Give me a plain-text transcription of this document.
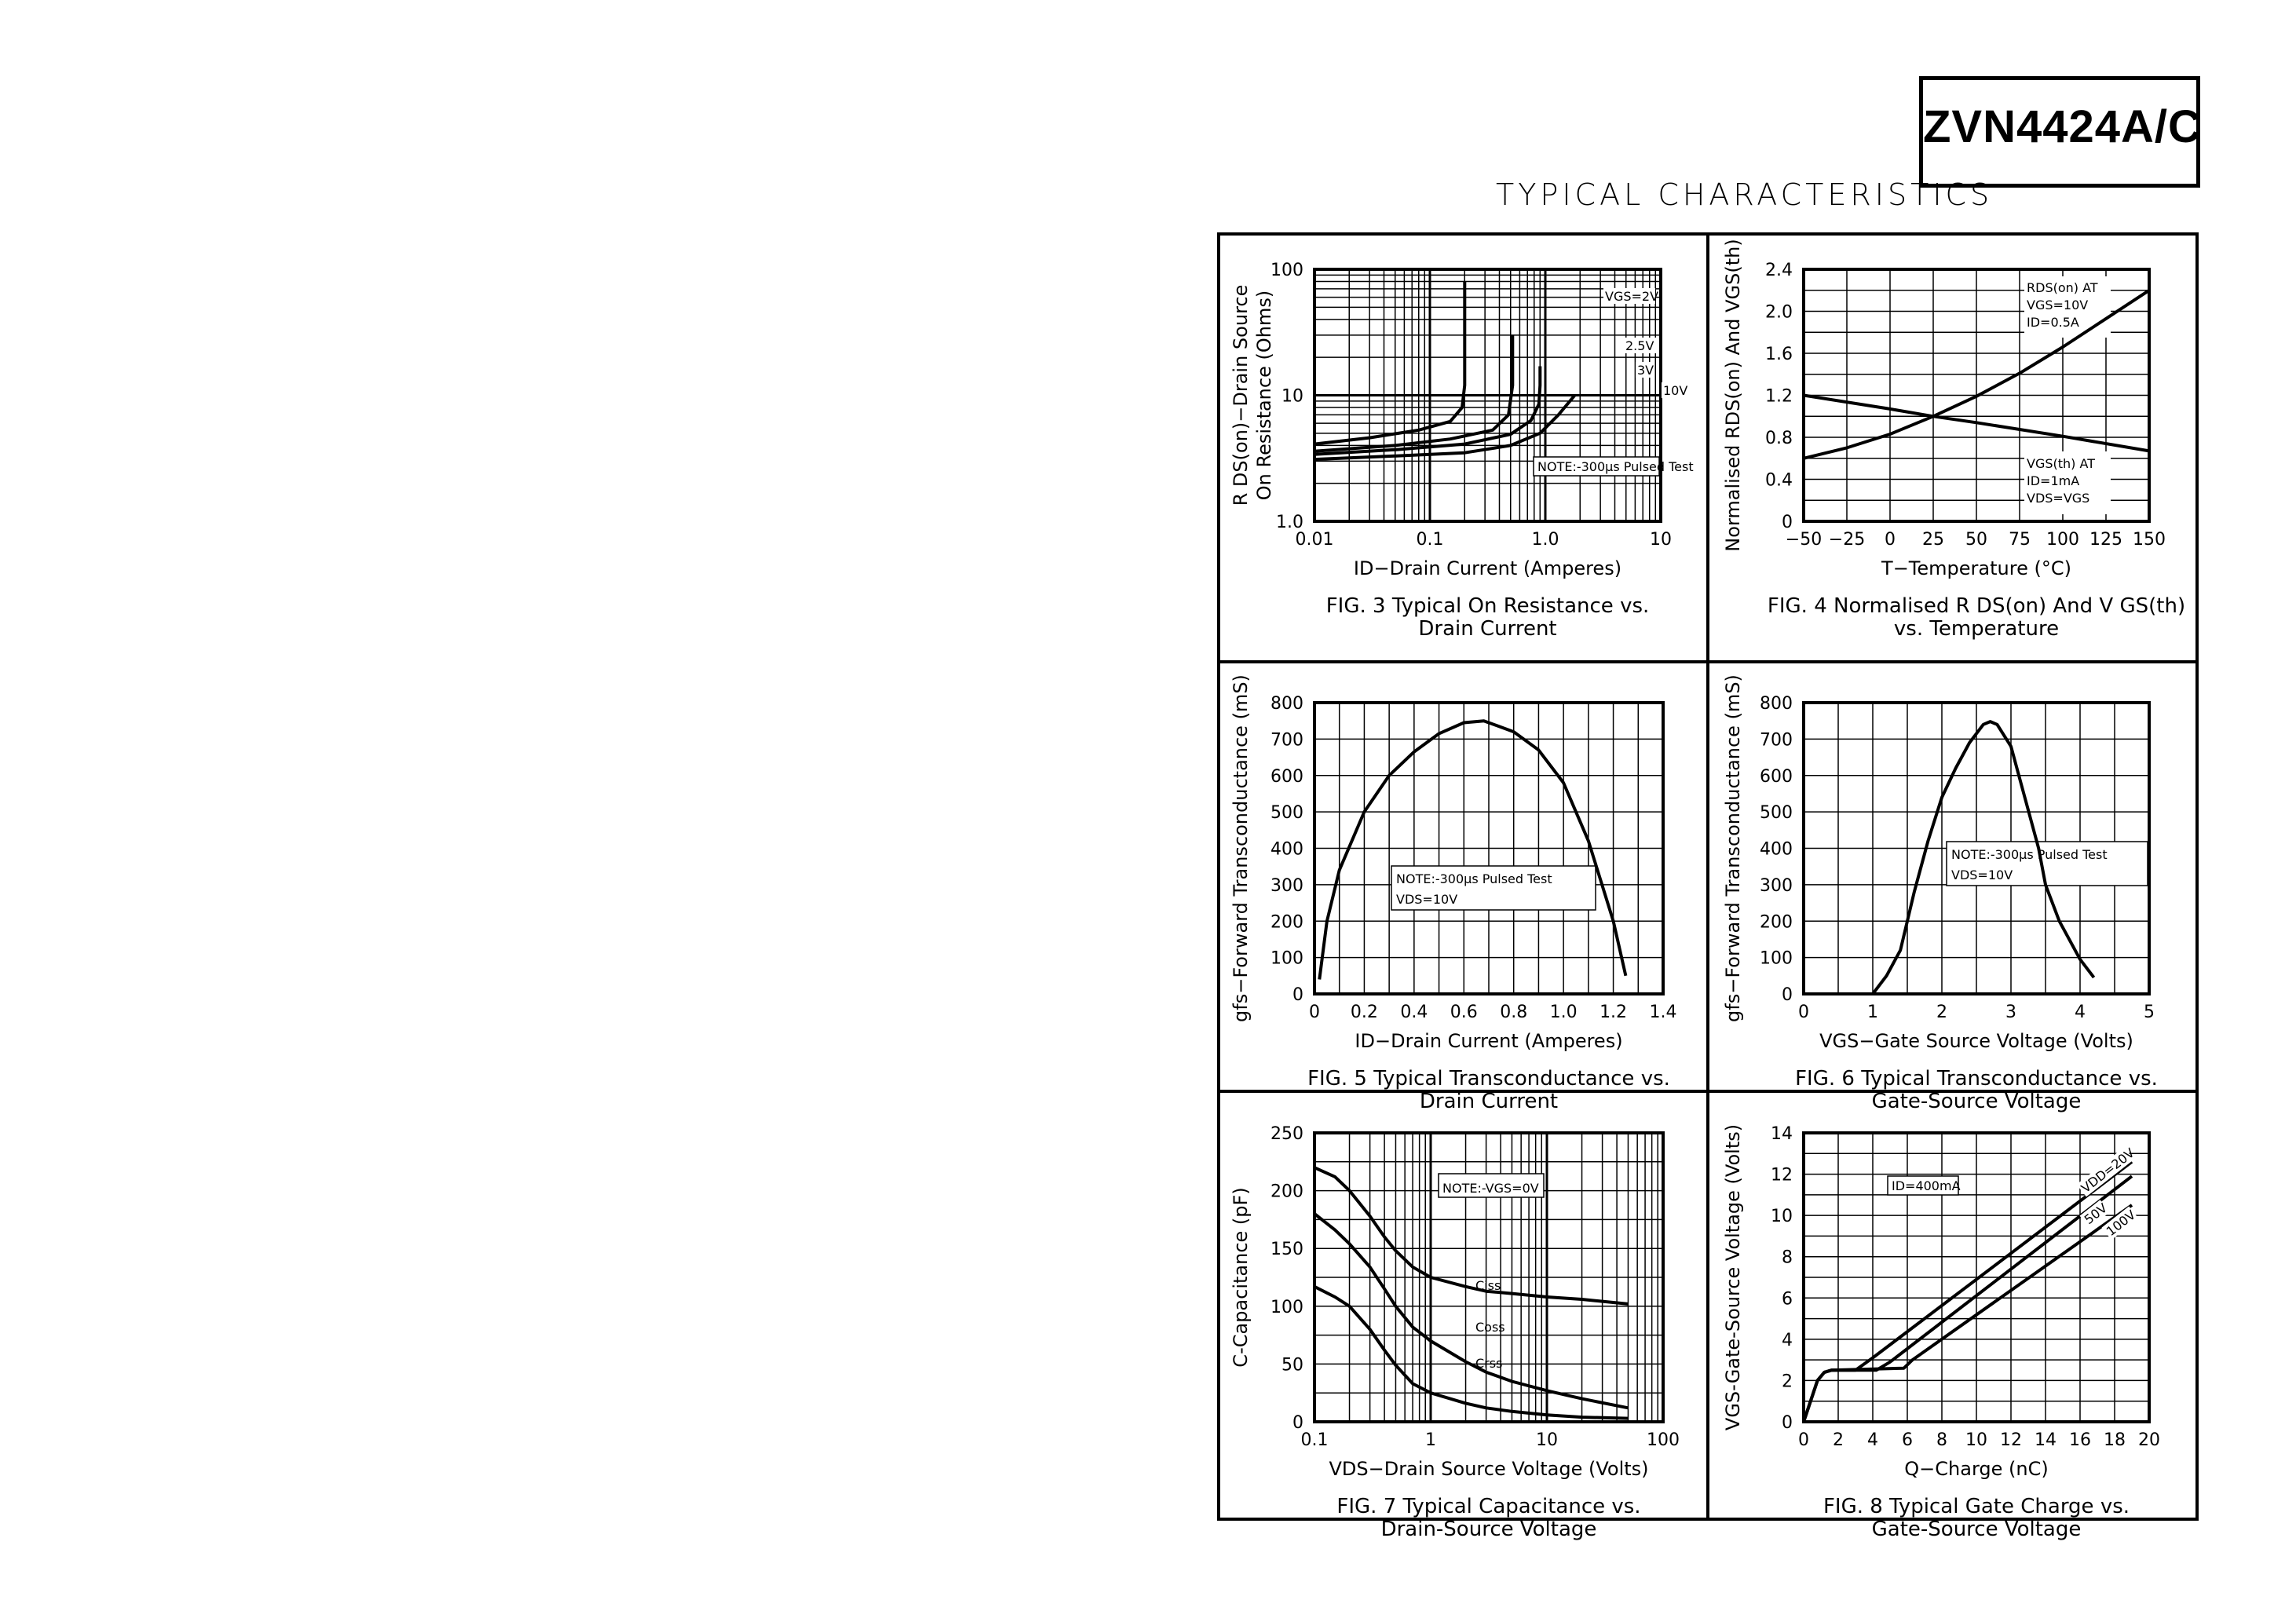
ZVN4424A/C
TYPICAL CHARACTERISTICS
NOTE:-300µs Pulsed Test
VGS=2V
2.5V
3V
10V
0.01	0.1	1.0	10
1.0
10
100
ID−Drain Current (Amperes)
R DS(on)−Drain Source On Resistance (Ohms)
FIG. 3 Typical On Resistance vs.
Drain Current
RDS(on) AT
VGS=10V
ID=0.5A
VGS(th) AT
ID=1mA
VDS=VGS
−50 −25 0 25 50 75 100 125 150
0
0.4
0.8
1.2
1.6
2.0
2.4
T−Temperature (°C)
Normalised RDS(on) And VGS(th)
FIG. 4 Normalised R DS(on) And V GS(th)
vs. Temperature
NOTE:-300µs Pulsed Test
VDS=10V
0 0.2 0.4 0.6 0.8 1.0 1.2 1.4
0
100
200
300
400
500
600
700
800
ID−Drain Current (Amperes)
gfs−Forward Transconductance (mS)
FIG. 5 Typical Transconductance vs.
Drain Current
NOTE:-300µs Pulsed Test
VDS=10V
0	1	2	3	4	5
0
100
200
300
400
500
600
700
800
VGS−Gate Source Voltage (Volts)
gfs−Forward Transconductance (mS)
FIG. 6 Typical Transconductance vs.
Gate-Source Voltage
NOTE:-VGS=0V
Ciss
Coss
Crss
0.1	1	10	100
0
50
100
150
200
250
VDS−Drain Source Voltage (Volts)
C-Capacitance (pF)
FIG. 7 Typical Capacitance vs.
Drain-Source Voltage
ID=400mA	VDD=20V
50V
100V
0 2 4 6 8 10 12 14 16 18 20
0
2
4
6
8
10
12
14
Q−Charge (nC)
VGS-Gate-Source Voltage (Volts)
FIG. 8 Typical Gate Charge vs.
Gate-Source Voltage
